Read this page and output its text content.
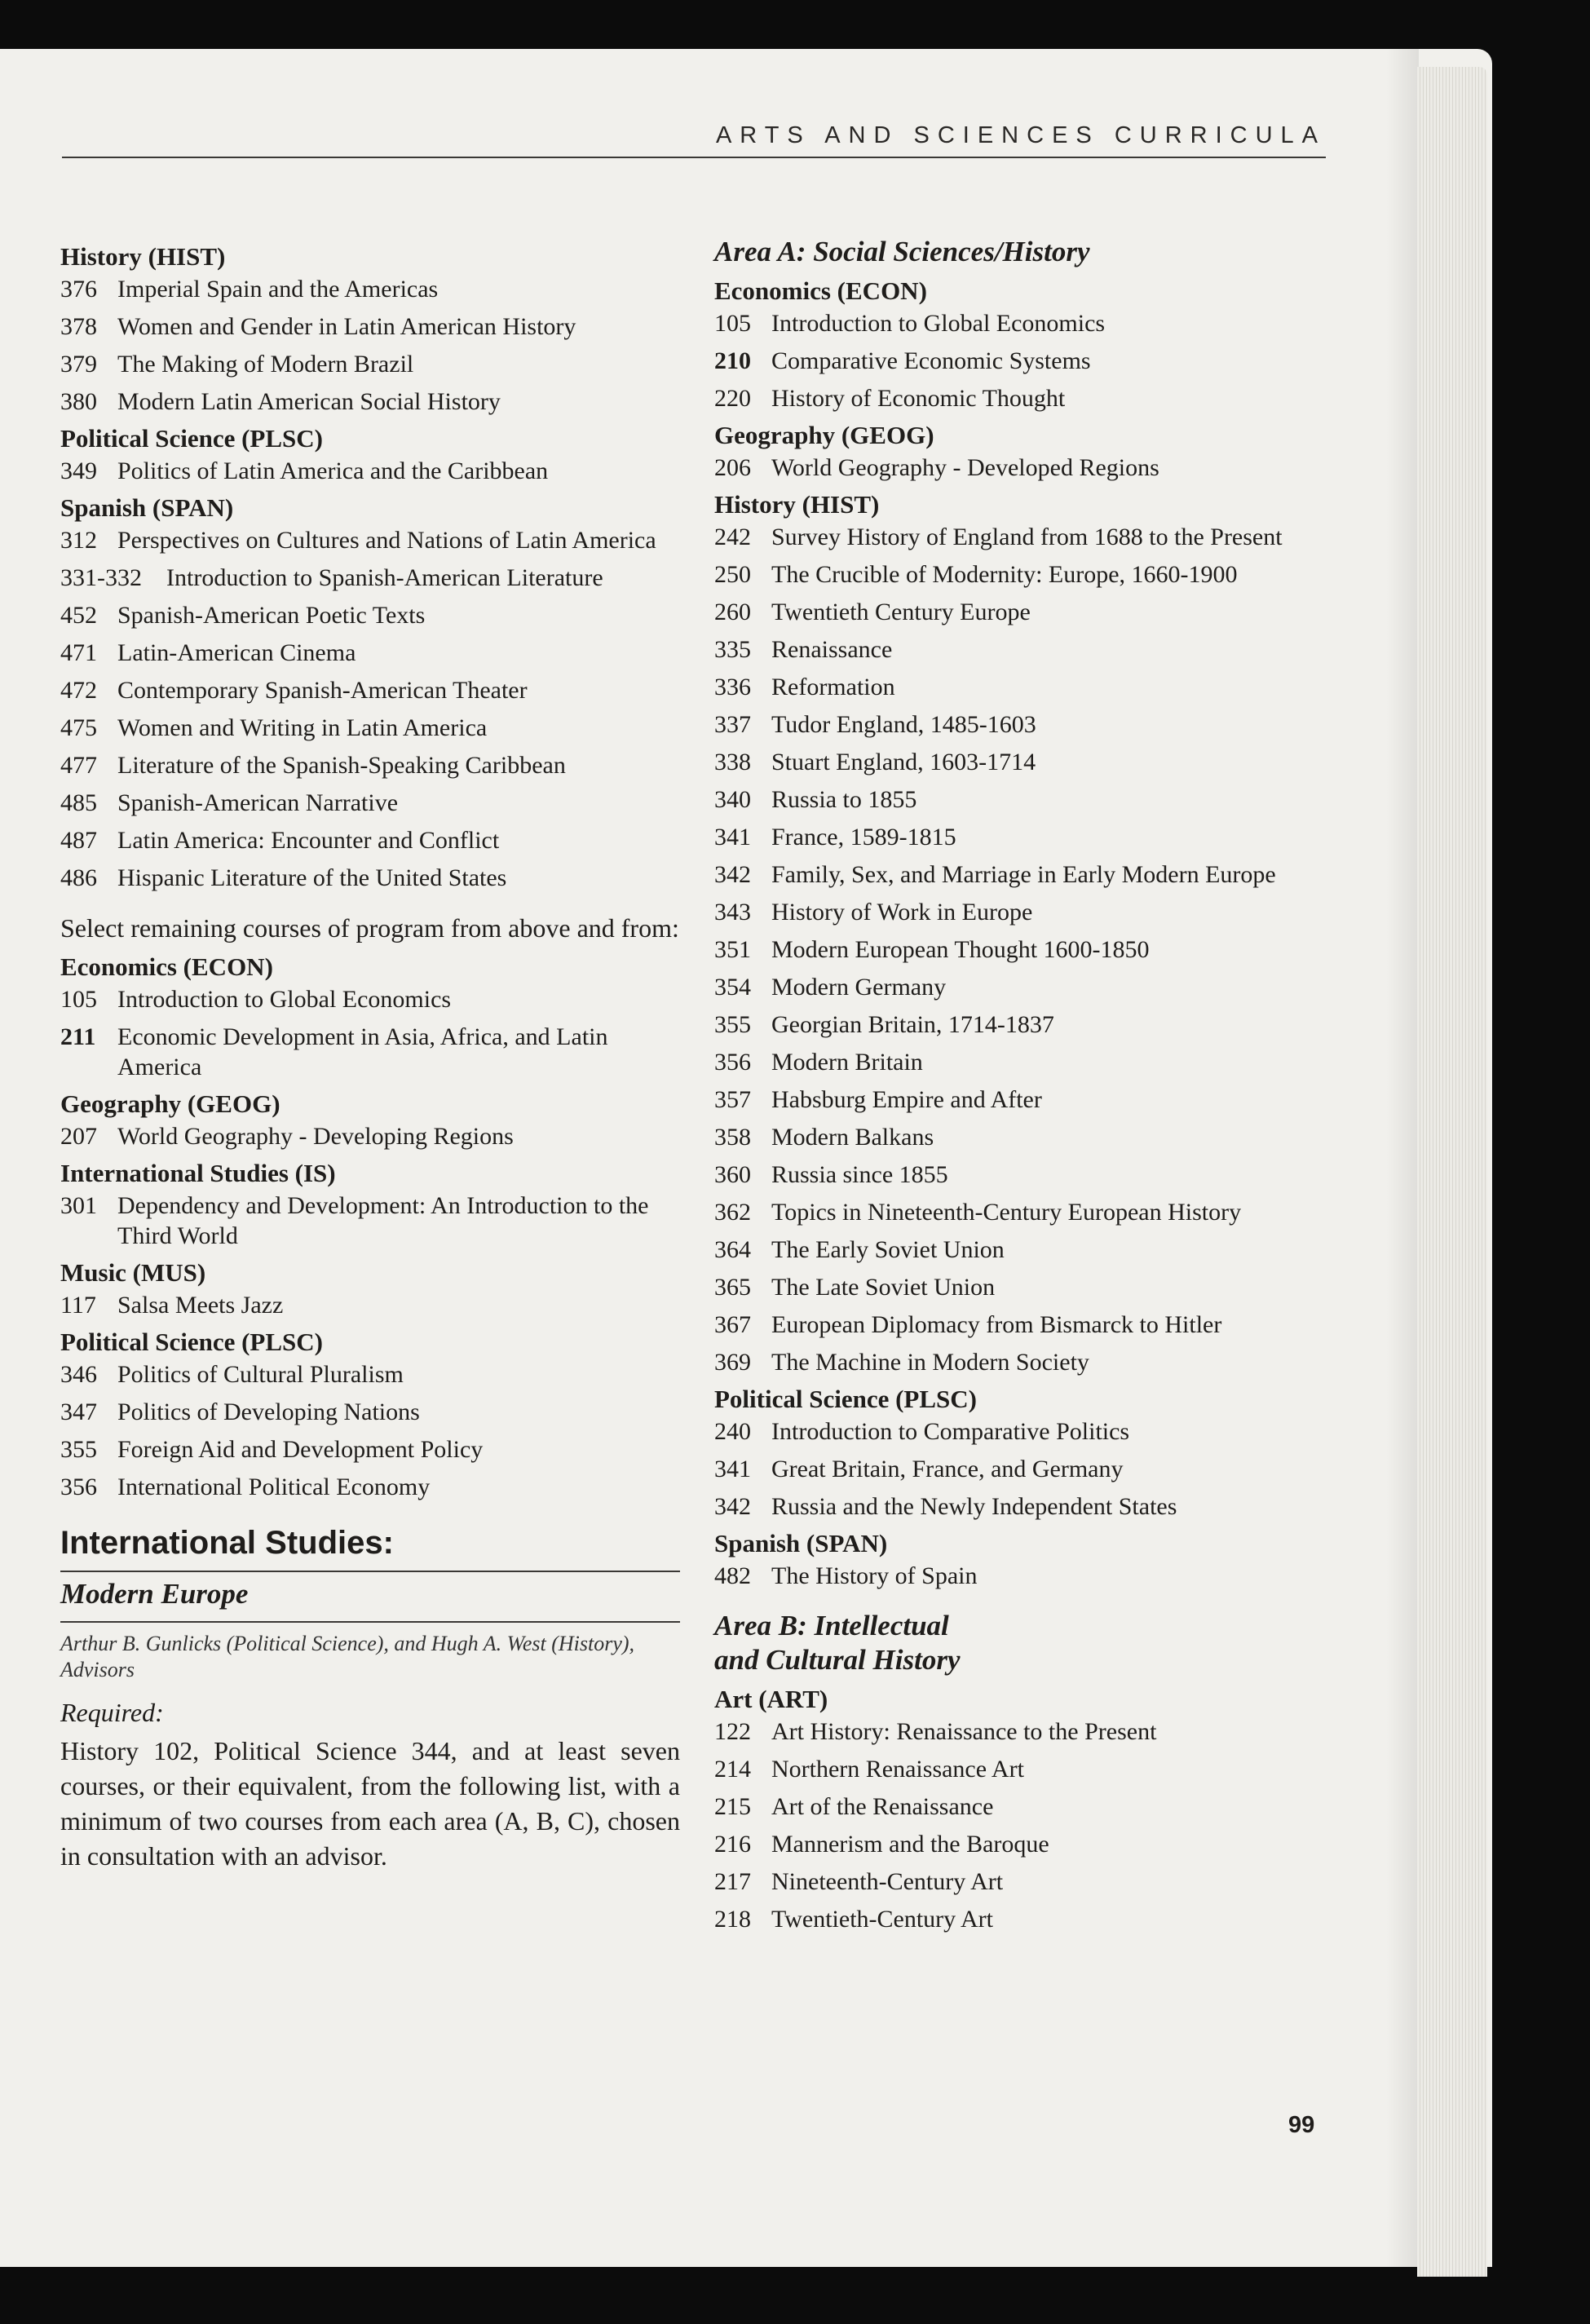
ARTS AND SCIENCES CURRICULA
History (HIST)
376 Imperial Spain and the Americas
378 Women and Gender in Latin American History
379 The Making of Modern Brazil
380 Modern Latin American Social History
Political Science (PLSC)
349 Politics of Latin America and the Caribbean
Spanish (SPAN)
312 Perspectives on Cultures and Nations of Latin America
331-332	Introduction to Spanish-American Literature
452 Spanish-American Poetic Texts
471 Latin-American Cinema
472 Contemporary Spanish-American Theater
475 Women and Writing in Latin America
477 Literature of the Spanish-Speaking Caribbean
485 Spanish-American Narrative
487 Latin America: Encounter and Conflict
486 Hispanic Literature of the United States
Select remaining courses of program from above and from:
Economics (ECON)
105 Introduction to Global Economics
211 Economic Development in Asia, Africa, and Latin America
Geography (GEOG)
207 World Geography - Developing Regions
International Studies (IS)
301 Dependency and Development: An Introduction to the Third World
Music (MUS)
117 Salsa Meets Jazz
Political Science (PLSC)
346 Politics of Cultural Pluralism
347 Politics of Developing Nations
355 Foreign Aid and Development Policy
356 International Political Economy
International Studies:
Modern Europe
Arthur B. Gunlicks (Political Science), and Hugh A. West (History), Advisors
Required:
History 102, Political Science 344, and at least seven courses, or their equivalent, from the following list, with a minimum of two courses from each area (A, B, C), chosen in consultation with an advisor.
Area A: Social Sciences/History
Economics (ECON)
105 Introduction to Global Economics
210 Comparative Economic Systems
220 History of Economic Thought
Geography (GEOG)
206 World Geography - Developed Regions
History (HIST)
242 Survey History of England from 1688 to the Present
250 The Crucible of Modernity: Europe, 1660-1900
260 Twentieth Century Europe
335 Renaissance
336 Reformation
337 Tudor England, 1485-1603
338 Stuart England, 1603-1714
340 Russia to 1855
341 France, 1589-1815
342 Family, Sex, and Marriage in Early Modern Europe
343 History of Work in Europe
351 Modern European Thought 1600-1850
354 Modern Germany
355 Georgian Britain, 1714-1837
356 Modern Britain
357 Habsburg Empire and After
358 Modern Balkans
360 Russia since 1855
362 Topics in Nineteenth-Century European History
364 The Early Soviet Union
365 The Late Soviet Union
367 European Diplomacy from Bismarck to Hitler
369 The Machine in Modern Society
Political Science (PLSC)
240 Introduction to Comparative Politics
341 Great Britain, France, and Germany
342 Russia and the Newly Independent States
Spanish (SPAN)
482 The History of Spain
Area B: Intellectual
and Cultural History
Art (ART)
122 Art History: Renaissance to the Present
214 Northern Renaissance Art
215 Art of the Renaissance
216 Mannerism and the Baroque
217 Nineteenth-Century Art
218 Twentieth-Century Art
99
